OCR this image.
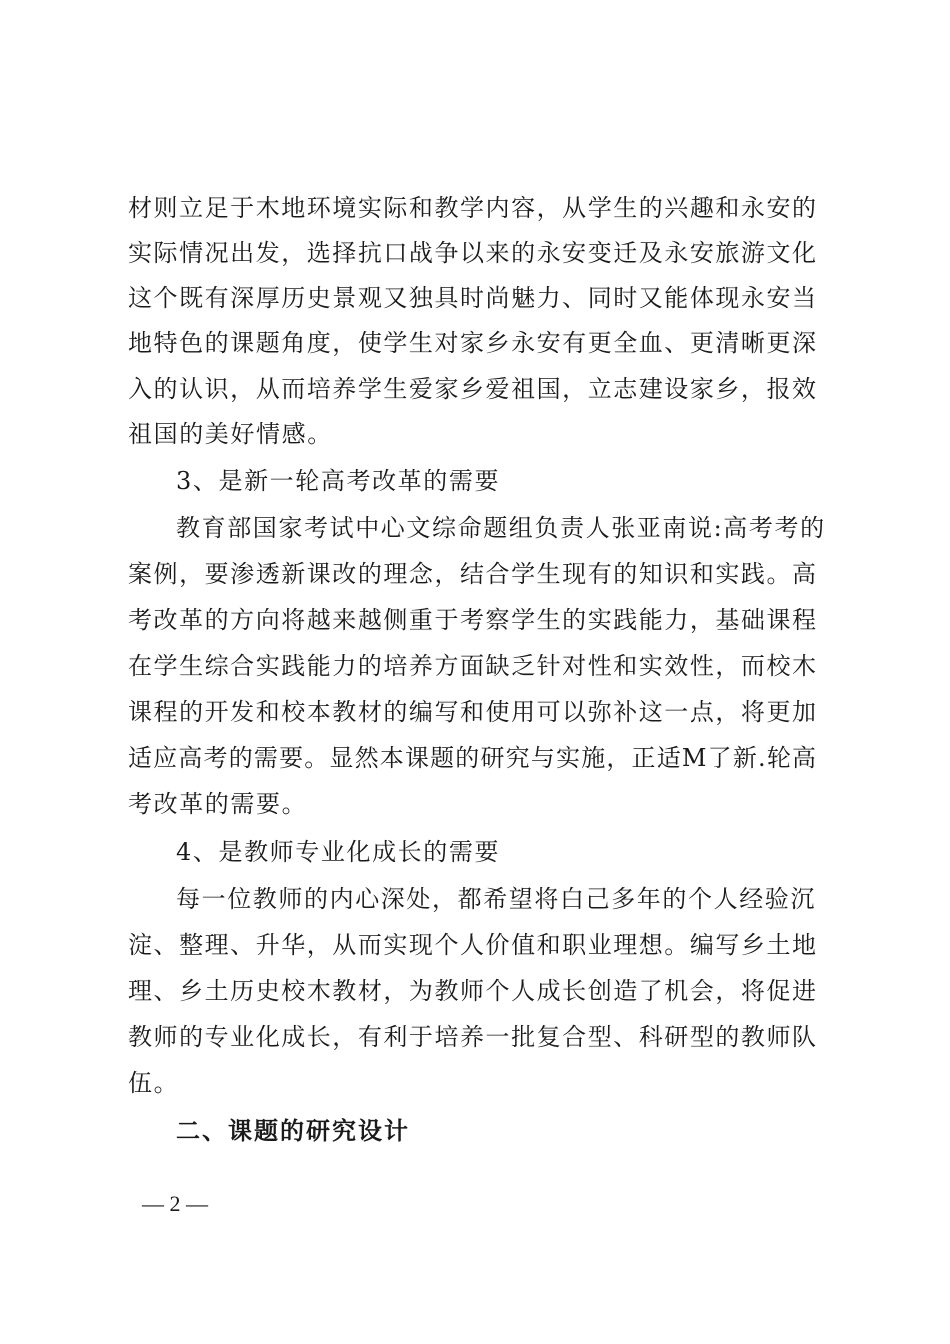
材则立足于木地环境实际和教学内容，从学生的兴趣和永安的
实际情况出发，选择抗口战争以来的永安变迁及永安旅游文化
这个既有深厚历史景观又独具时尚魅力、同时又能体现永安当
地特色的课题角度，使学生对家乡永安有更全血、更清晰更深
入的认识，从而培养学生爱家乡爱祖国，立志建设家乡，报效
祖国的美好情感。
3、是新一轮高考改革的需要
教育部国家考试中心文综命题组负责人张亚南说:高考考的
案例，要渗透新课改的理念，结合学生现有的知识和实践。高
考改革的方向将越来越侧重于考察学生的实践能力，基础课程
在学生综合实践能力的培养方面缺乏针对性和实效性，而校木
课程的开发和校本教材的编写和使用可以弥补这一点，将更加
适应高考的需要。显然本课题的研究与实施，正适M了新.轮高
考改革的需要。
4、是教师专业化成长的需要
每一位教师的内心深处，都希望将白己多年的个人经验沉
淀、整理、升华，从而实现个人价值和职业理想。编写乡土地
理、乡土历史校木教材，为教师个人成长创造了机会，将促进
教师的专业化成长，有利于培养一批复合型、科研型的教师队
伍。
二、课题的研究设计
— 2 —
